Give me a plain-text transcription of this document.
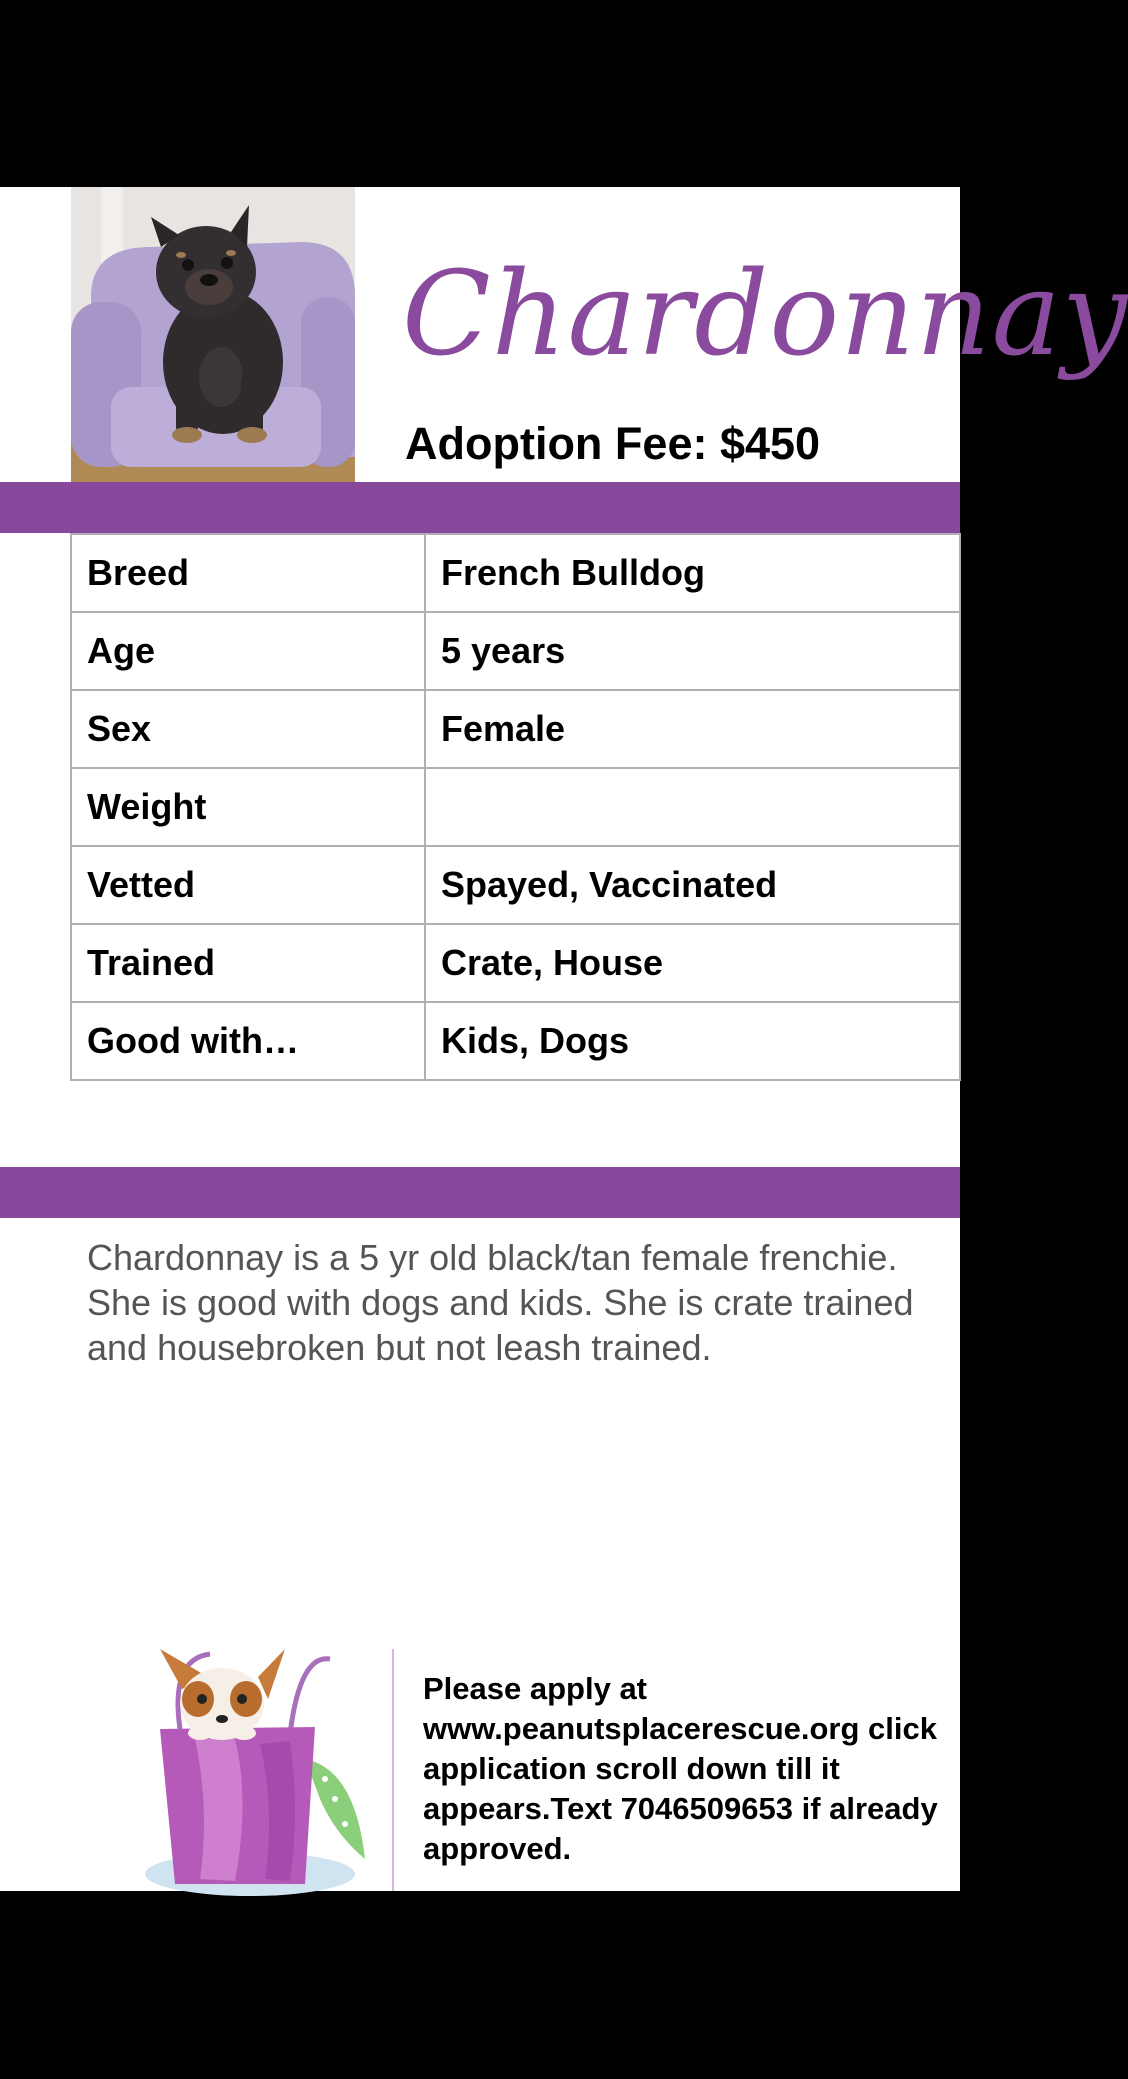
Chardonnay
Adoption Fee: $450
Breed	French Bulldog
Age	5 years
Sex	Female
Weight	
Vetted	Spayed, Vaccinated
Trained	Crate, House
Good with…	Kids, Dogs

Chardonnay is a 5 yr old black/tan female frenchie.  She is good with dogs and kids. She is crate trained and housebroken but not leash trained.

Please apply at www.peanutsplacerescue.org click application scroll down till it appears.Text 7046509653 if already approved.
